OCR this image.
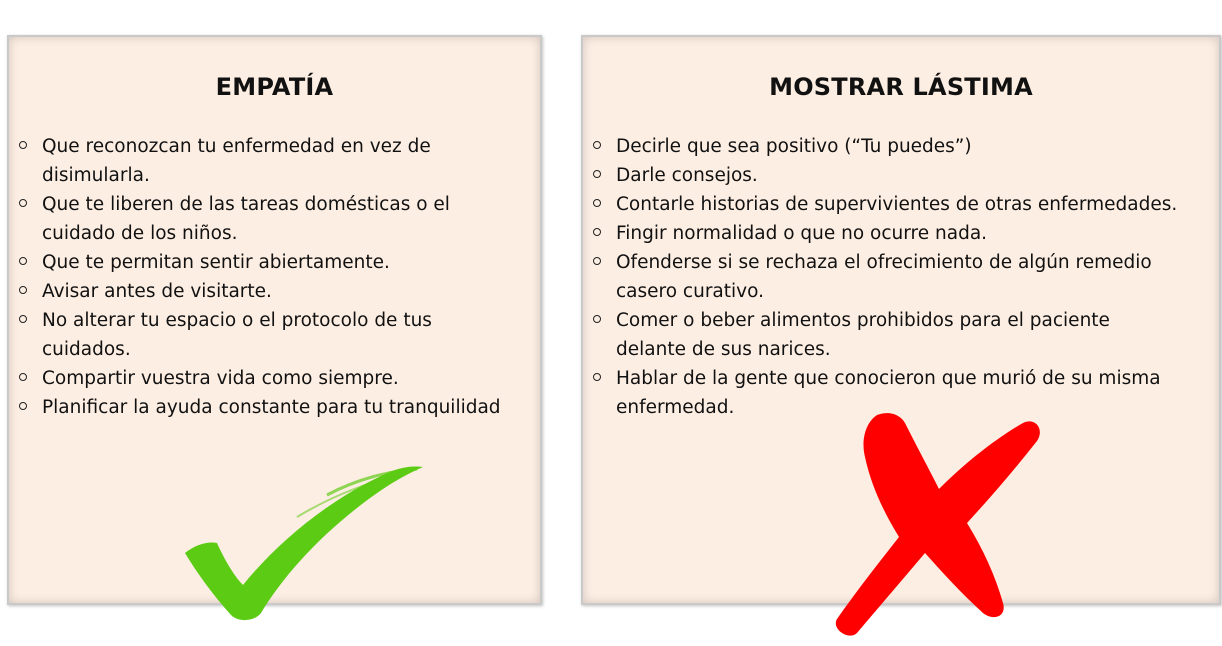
EMPATÍA
Que reconozcan tu enfermedad en vez de
disimularla.
Que te liberen de las tareas domésticas o el
cuidado de los niños.
Que te permitan sentir abiertamente.
Avisar antes de visitarte.
No alterar tu espacio o el protocolo de tus
cuidados.
Compartir vuestra vida como siempre.
Planificar la ayuda constante para tu tranquilidad
MOSTRAR LÁSTIMA
Decirle que sea positivo (“Tu puedes”)
Darle consejos.
Contarle historias de supervivientes de otras enfermedades.
Fingir normalidad o que no ocurre nada.
Ofenderse si se rechaza el ofrecimiento de algún remedio
casero curativo.
Comer o beber alimentos prohibidos para el paciente
delante de sus narices.
Hablar de la gente que conocieron que murió de su misma
enfermedad.
